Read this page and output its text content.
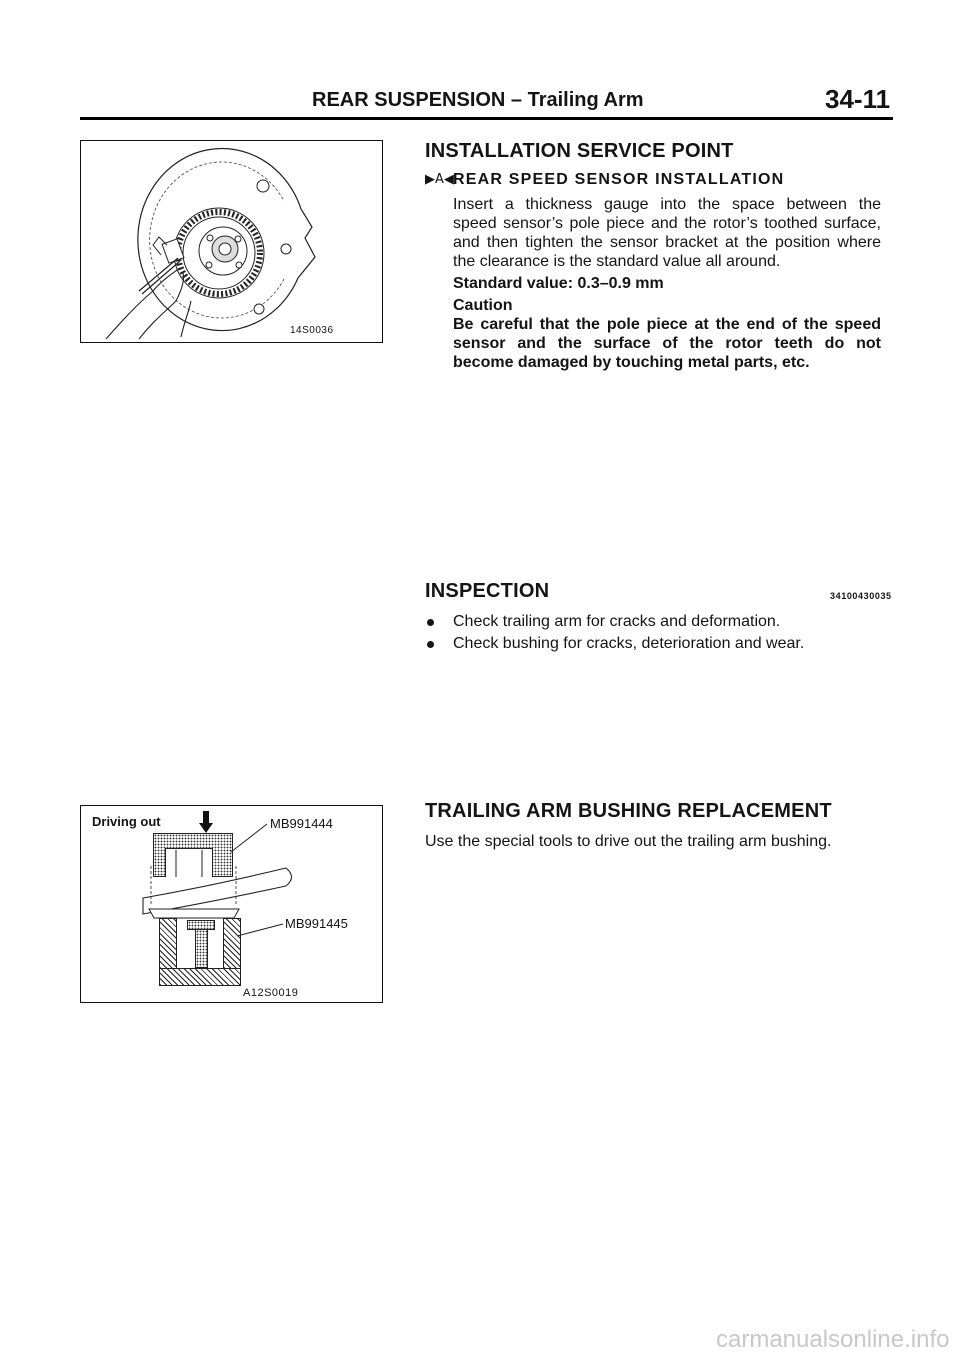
REAR SUSPENSION – Trailing Arm	34-11
14S0036
INSTALLATION SERVICE POINT
▶A◀ REAR SPEED SENSOR INSTALLATION
Insert a thickness gauge into the space between the
speed sensor’s pole piece and the rotor’s toothed surface,
and then tighten the sensor bracket at the position where
the clearance is the standard value all around.
Standard value: 0.3–0.9 mm
Caution
Be careful that the pole piece at the end of the speed
sensor and the surface of the rotor teeth do not
become damaged by touching metal parts, etc.
INSPECTION	34100430035
Check trailing arm for cracks and deformation.
Check bushing for cracks, deterioration and wear.
Driving out	MB991444
MB991445
A12S0019
TRAILING ARM BUSHING REPLACEMENT
Use the special tools to drive out the trailing arm bushing.
carmanualsonline.info
